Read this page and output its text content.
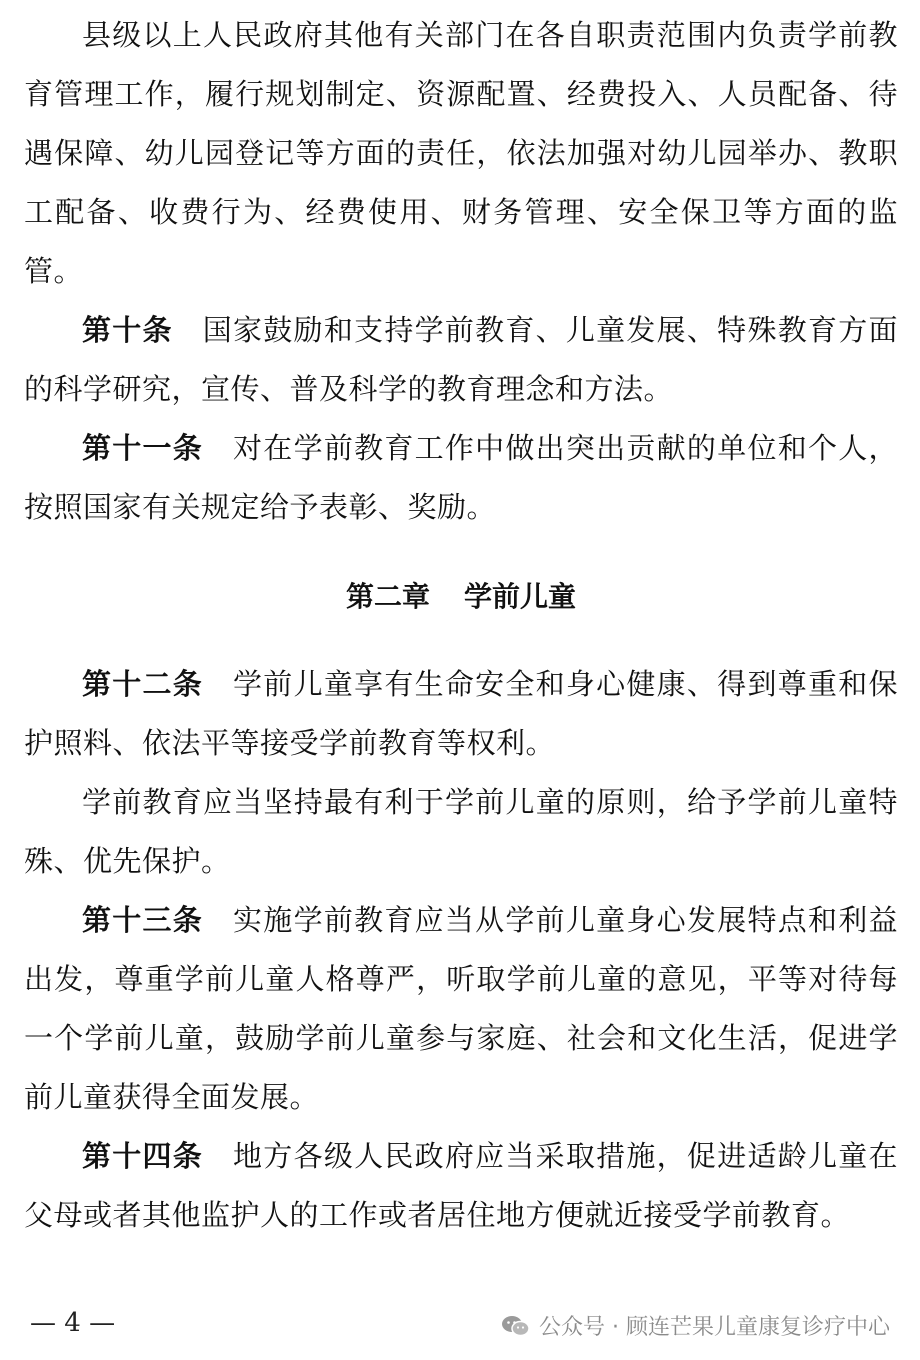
县级以上人民政府其他有关部门在各自职责范围内负责学前教育管理工作，履行规划制定、资源配置、经费投入、人员配备、待遇保障、幼儿园登记等方面的责任，依法加强对幼儿园举办、教职工配备、收费行为、经费使用、财务管理、安全保卫等方面的监管。

第十条 国家鼓励和支持学前教育、儿童发展、特殊教育方面的科学研究，宣传、普及科学的教育理念和方法。

第十一条 对在学前教育工作中做出突出贡献的单位和个人，按照国家有关规定给予表彰、奖励。

第二章 学前儿童

第十二条 学前儿童享有生命安全和身心健康、得到尊重和保护照料、依法平等接受学前教育等权利。

学前教育应当坚持最有利于学前儿童的原则，给予学前儿童特殊、优先保护。

第十三条 实施学前教育应当从学前儿童身心发展特点和利益出发，尊重学前儿童人格尊严，听取学前儿童的意见，平等对待每一个学前儿童，鼓励学前儿童参与家庭、社会和文化生活，促进学前儿童获得全面发展。

第十四条 地方各级人民政府应当采取措施，促进适龄儿童在父母或者其他监护人的工作或者居住地方便就近接受学前教育。

— 4 —	公众号 · 顾连芒果儿童康复诊疗中心
